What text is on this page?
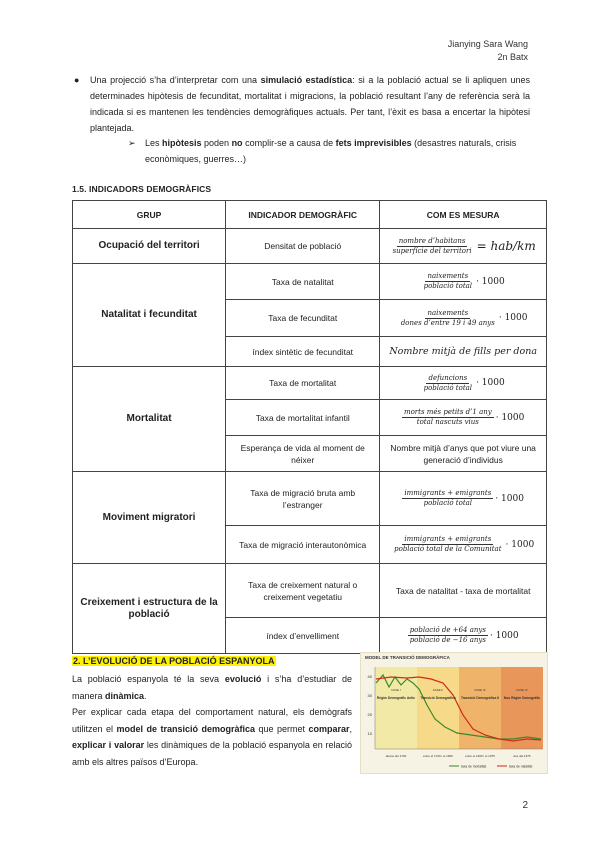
Jianying Sara Wang
2n Batx
● Una projecció s’ha d’interpretar com una simulació estadística: si a la població actual se li apliquen unes determinades hipòtesis de fecunditat, mortalitat i migracions, la població resultant l’any de referència serà la indicada si es mantenen les tendències demogràfiques actuals. Per tant, l’èxit es basa a encertar la hipòtesi plantejada.
➢ Les hipòtesis poden no complir-se a causa de fets imprevisibles (desastres naturals, crisis econòmiques, guerres…)
1.5. INDICADORS DEMOGRÀFICS
GRUP	INDICADOR DEMOGRÀFIC	COM ES MESURA
Ocupació del territori	Densitat de població	$\frac{\text{nombre d’habitans}}{\text{superfície del territori}} = hab/km$
Natalitat i fecunditat	Taxa de natalitat	$\frac{\text{naixements}}{\text{població total}} \cdot 1000$
	Taxa de fecunditat	$\frac{\text{naixements}}{\text{dones d’entre 19 i 49 anys}} \cdot 1000$
	índex sintètic de fecunditat	Nombre mitjà de fills per dona
Mortalitat	Taxa de mortalitat	$\frac{\text{defuncions}}{\text{població total}} \cdot 1000$
	Taxa de mortalitat infantil	$\frac{\text{morts més petits d’1 any}}{\text{total nascuts vius}} \cdot 1000$
	Esperança de vida al moment de néixer	Nombre mitjà d’anys que pot viure una generació d’individus
Moviment migratori	Taxa de migració bruta amb l’estranger	$\frac{\text{immigrants + emigrants}}{\text{població total}} \cdot 1000$
	Taxa de migració interautonòmica	$\frac{\text{immigrants + emigrants}}{\text{població total de la Comunitat}} \cdot 1000$
Creixement i estructura de la població	Taxa de creixement natural o creixement vegetatiu	Taxa de natalitat - taxa de mortalitat
	índex d’envelliment	$\frac{\text{població de +64 anys}}{\text{població de −16 anys}} \cdot 1000$
2. L’EVOLUCIÓ DE LA POBLACIÓ ESPANYOLA
La població espanyola té la seva evolució i s’ha d’estudiar de manera dinàmica.
Per explicar cada etapa del comportament natural, els demògrafs utilitzen el model de transició demogràfica que permet comparar, explicar i valorar les dinàmiques de la població espanyola en relació amb els altres països d’Europa.
MODEL DE TRANSICIÓ DEMOGRÀFICA
40
30
20
10
FASE I	FASE II	FASE III	FASE IV
Règim Demogràfic Antic Transició Demogràfica Transició Demogràfica II Nou Règim Demogràfic
abans del 1700	entre el 1700 i el 1900	entre el 1900 i el 1975	des del 1975
taxa de mortalitat	taxa de natalitat
2
